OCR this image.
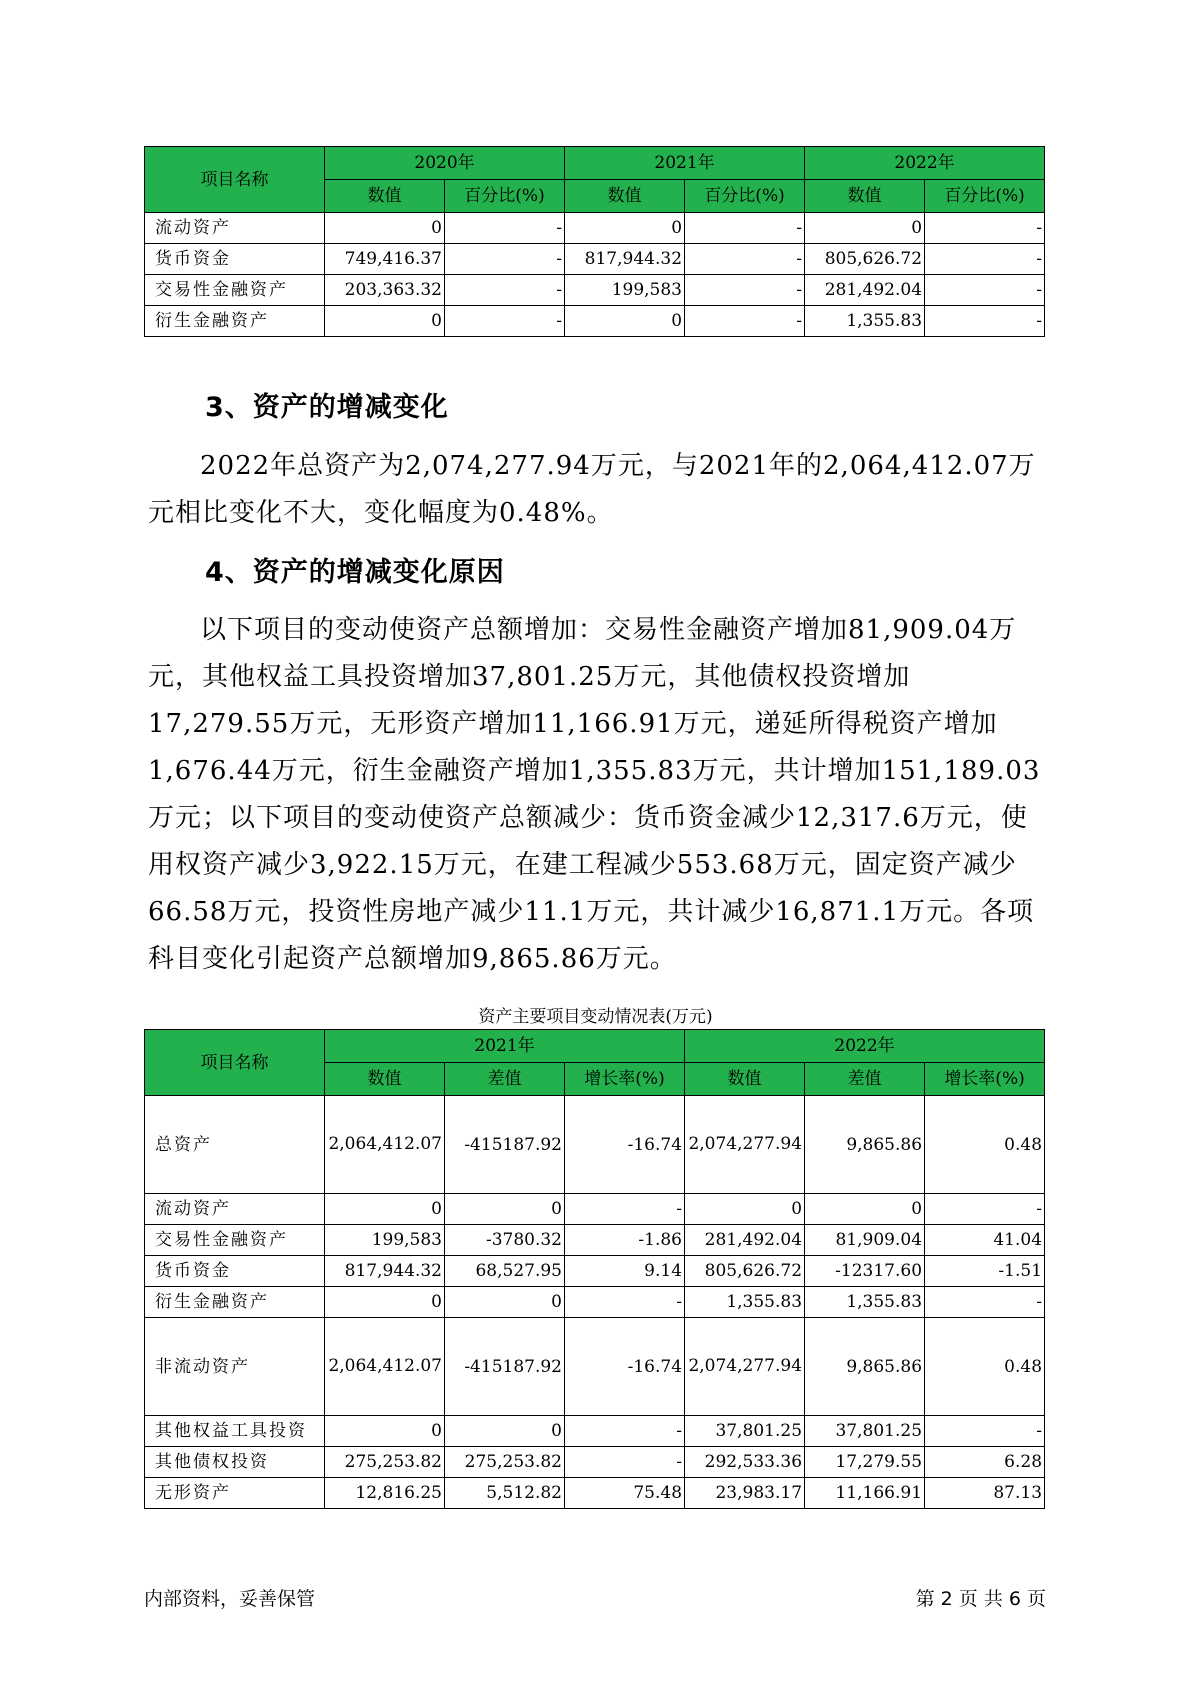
项目名称	2020年		2021年		2022年	
	数值	百分比(%)	数值	百分比(%)	数值	百分比(%)
流动资产	0	-	0	-	0	-
货币资金	749,416.37	-	817,944.32	-	805,626.72	-
交易性金融资产	203,363.32	-	199,583	-	281,492.04	-
衍生金融资产	0	-	0	-	1,355.83	-
3、资产的增减变化

2022年总资产为2,074,277.94万元，与2021年的2,064,412.07万元相比变化不大，变化幅度为0.48%。

4、资产的增减变化原因

以下项目的变动使资产总额增加：交易性金融资产增加81,909.04万元，其他权益工具投资增加37,801.25万元，其他债权投资增加17,279.55万元，无形资产增加11,166.91万元，递延所得税资产增加1,676.44万元，衍生金融资产增加1,355.83万元，共计增加151,189.03万元；以下项目的变动使资产总额减少：货币资金减少12,317.6万元，使用权资产减少3,922.15万元，在建工程减少553.68万元，固定资产减少66.58万元，投资性房地产减少11.1万元，共计减少16,871.1万元。各项科目变化引起资产总额增加9,865.86万元。

资产主要项目变动情况表(万元)
项目名称	2021年			2022年		
	数值	差值	增长率(%)	数值	差值	增长率(%)
总资产	2,064,412.07	-415187.92	-16.74	2,074,277.94	9,865.86	0.48
流动资产	0	0	-	0	0	-
交易性金融资产	199,583	-3780.32	-1.86	281,492.04	81,909.04	41.04
货币资金	817,944.32	68,527.95	9.14	805,626.72	-12317.60	-1.51
衍生金融资产	0	0	-	1,355.83	1,355.83	-
非流动资产	2,064,412.07	-415187.92	-16.74	2,074,277.94	9,865.86	0.48
其他权益工具投资	0	0	-	37,801.25	37,801.25	-
其他债权投资	275,253.82	275,253.82	-	292,533.36	17,279.55	6.28
无形资产	12,816.25	5,512.82	75.48	23,983.17	11,166.91	87.13
内部资料，妥善保管	第 2 页 共 6 页
